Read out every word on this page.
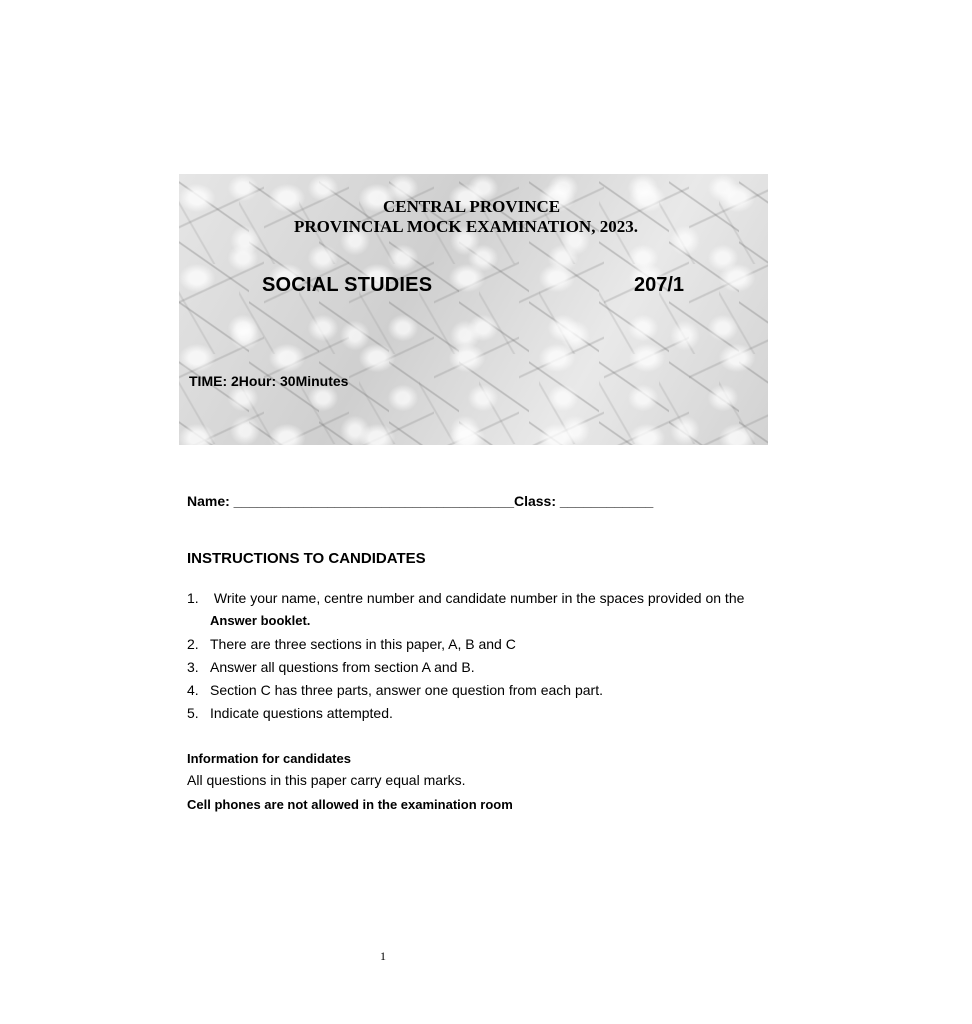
CENTRAL PROVINCE
PROVINCIAL MOCK EXAMINATION, 2023.
SOCIAL STUDIES	207/1
TIME: 2Hour: 30Minutes
Name: ____________________________________Class: ____________
INSTRUCTIONS TO CANDIDATES
1. Write your name, centre number and candidate number in the spaces provided on the
Answer booklet.
2. There are three sections in this paper, A, B and C
3. Answer all questions from section A and B.
4. Section C has three parts, answer one question from each part.
5. Indicate questions attempted.
Information for candidates
All questions in this paper carry equal marks.
Cell phones are not allowed in the examination room
1
